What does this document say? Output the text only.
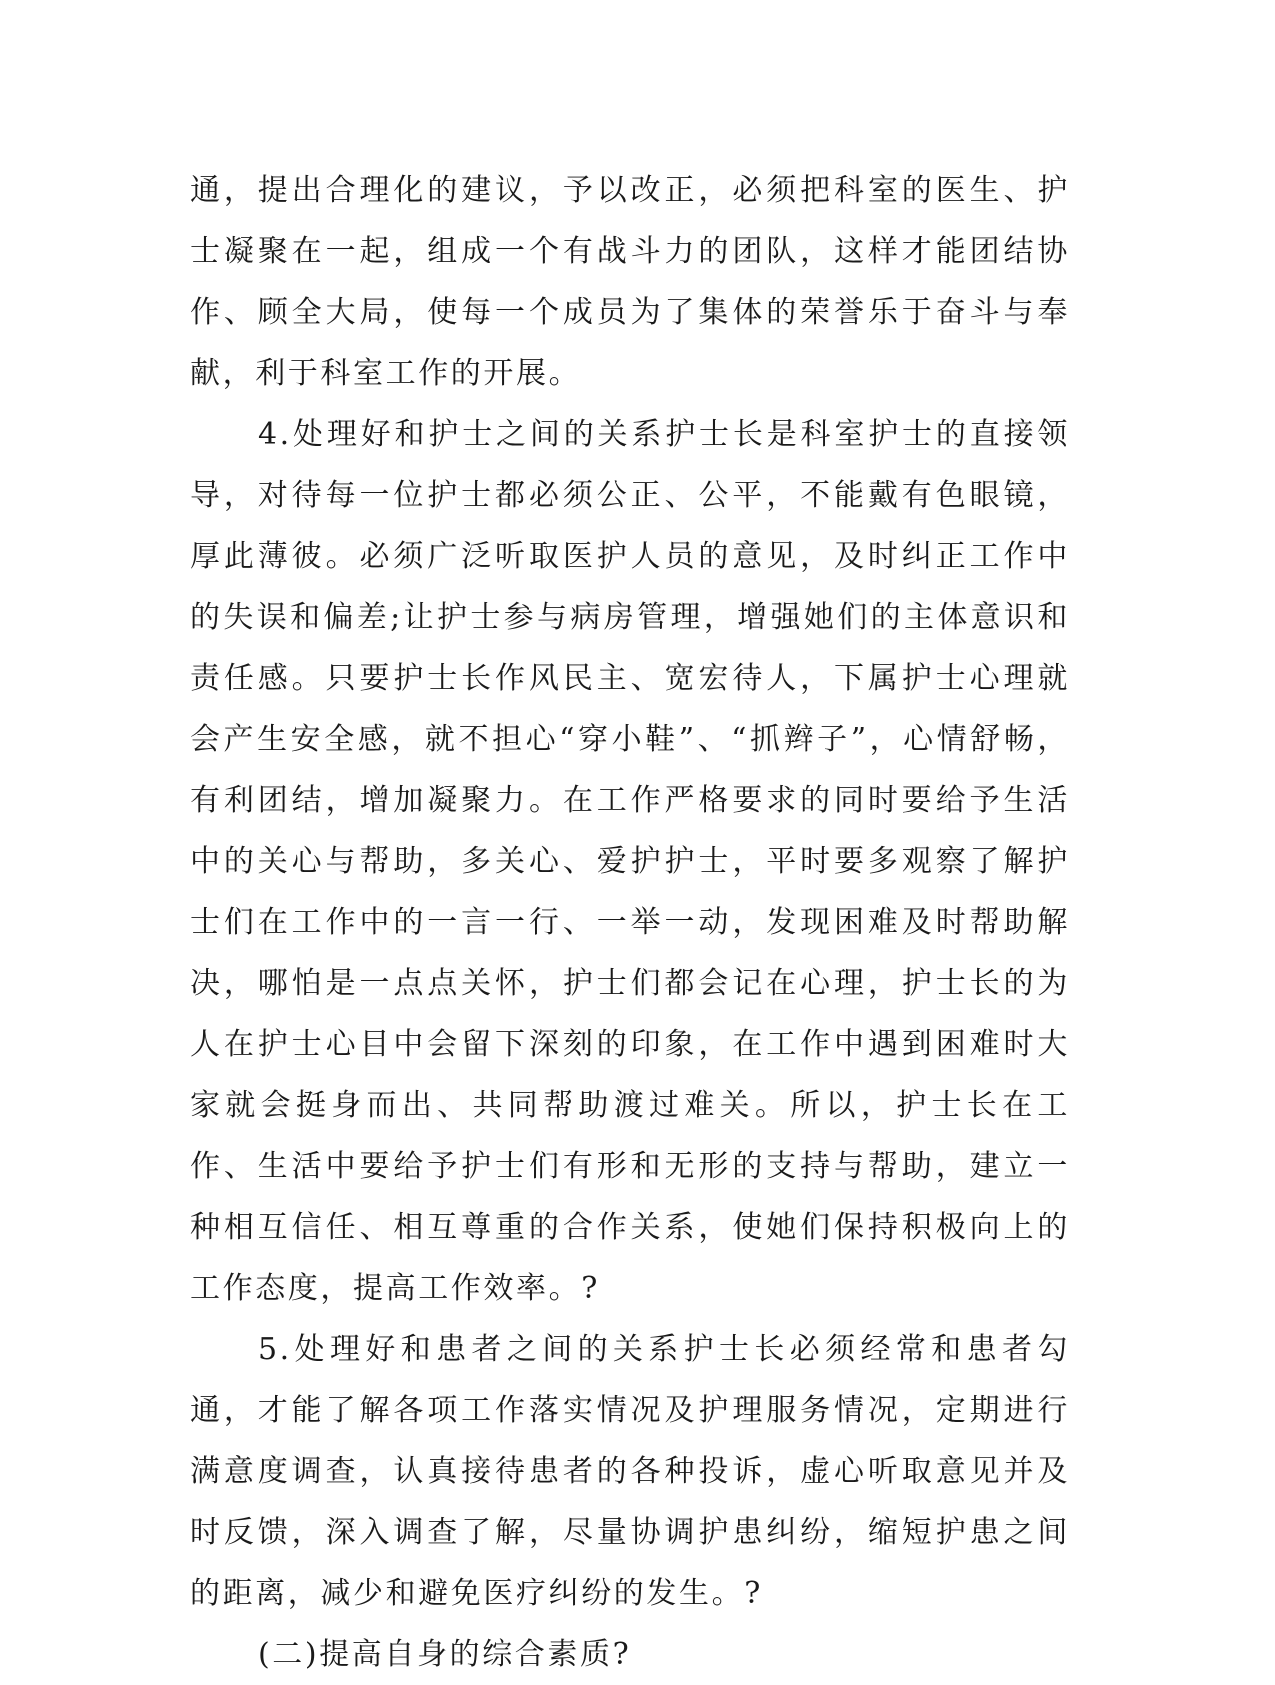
通，提出合理化的建议，予以改正，必须把科室的医生、护士凝聚在一起，组成一个有战斗力的团队，这样才能团结协作、顾全大局，使每一个成员为了集体的荣誉乐于奋斗与奉献，利于科室工作的开展。

4.处理好和护士之间的关系护士长是科室护士的直接领导，对待每一位护士都必须公正、公平，不能戴有色眼镜，厚此薄彼。必须广泛听取医护人员的意见，及时纠正工作中的失误和偏差;让护士参与病房管理，增强她们的主体意识和责任感。只要护士长作风民主、宽宏待人，下属护士心理就会产生安全感，就不担心“穿小鞋”、“抓辫子”，心情舒畅，有利团结，增加凝聚力。在工作严格要求的同时要给予生活中的关心与帮助，多关心、爱护护士，平时要多观察了解护士们在工作中的一言一行、一举一动，发现困难及时帮助解决，哪怕是一点点关怀，护士们都会记在心理，护士长的为人在护士心目中会留下深刻的印象，在工作中遇到困难时大家就会挺身而出、共同帮助渡过难关。所以，护士长在工作、生活中要给予护士们有形和无形的支持与帮助，建立一种相互信任、相互尊重的合作关系，使她们保持积极向上的工作态度，提高工作效率。?

5.处理好和患者之间的关系护士长必须经常和患者勾通，才能了解各项工作落实情况及护理服务情况，定期进行满意度调查，认真接待患者的各种投诉，虚心听取意见并及时反馈，深入调查了解，尽量协调护患纠纷，缩短护患之间的距离，减少和避免医疗纠纷的发生。?

(二)提高自身的综合素质?
